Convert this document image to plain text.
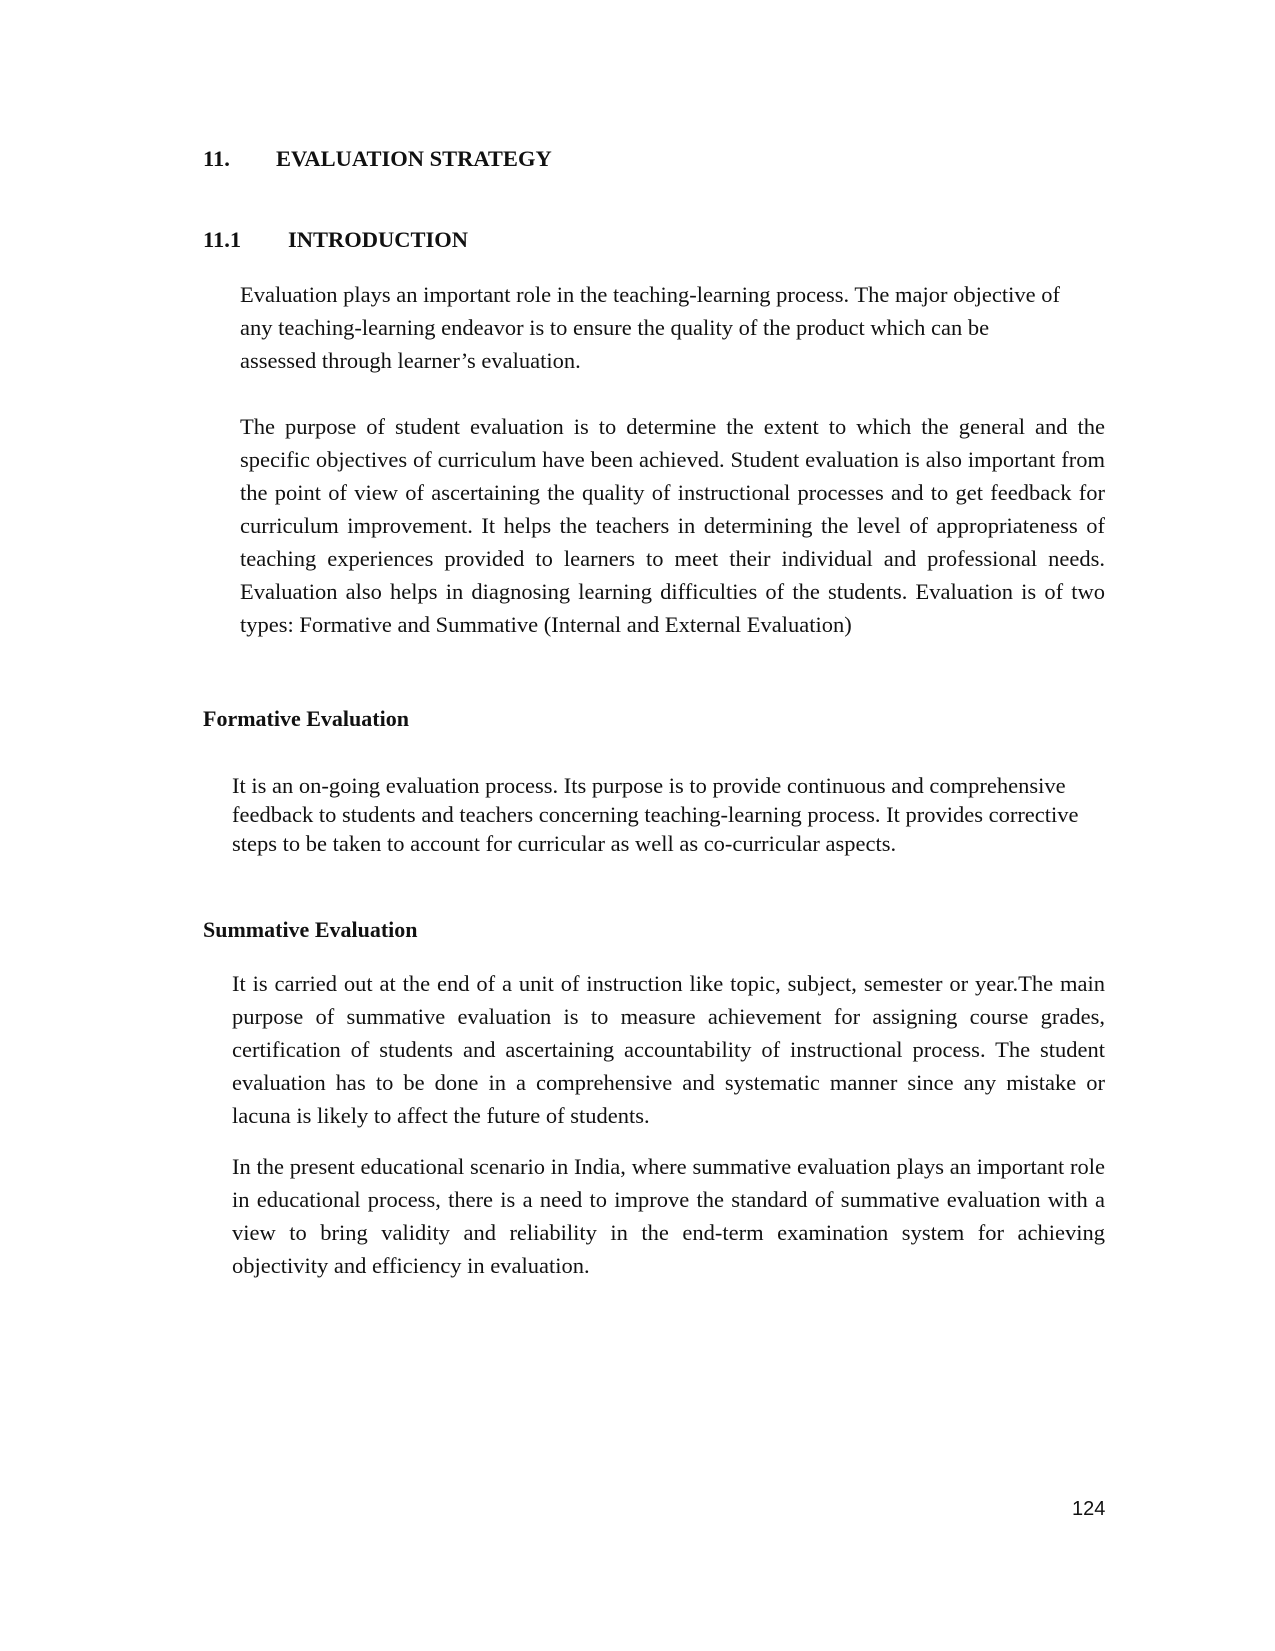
11. EVALUATION STRATEGY
11.1 INTRODUCTION

Evaluation plays an important role in the teaching-learning process. The major objective of any teaching-learning endeavor is to ensure the quality of the product which can be assessed through learner’s evaluation.

The purpose of student evaluation is to determine the extent to which the general and the specific objectives of curriculum have been achieved. Student evaluation is also important from the point of view of ascertaining the quality of instructional processes and to get feedback for curriculum improvement. It helps the teachers in determining the level of appropriateness of teaching experiences provided to learners to meet their individual and professional needs. Evaluation also helps in diagnosing learning difficulties of the students. Evaluation is of two types: Formative and Summative (Internal and External Evaluation)

Formative Evaluation

It is an on-going evaluation process. Its purpose is to provide continuous and comprehensive feedback to students and teachers concerning teaching-learning process. It provides corrective steps to be taken to account for curricular as well as co-curricular aspects.

Summative Evaluation

It is carried out at the end of a unit of instruction like topic, subject, semester or year.The main purpose of summative evaluation is to measure achievement for assigning course grades, certification of students and ascertaining accountability of instructional process. The student evaluation has to be done in a comprehensive and systematic manner since any mistake or lacuna is likely to affect the future of students.

In the present educational scenario in India, where summative evaluation plays an important role in educational process, there is a need to improve the standard of summative evaluation with a view to bring validity and reliability in the end-term examination system for achieving objectivity and efficiency in evaluation.

124
